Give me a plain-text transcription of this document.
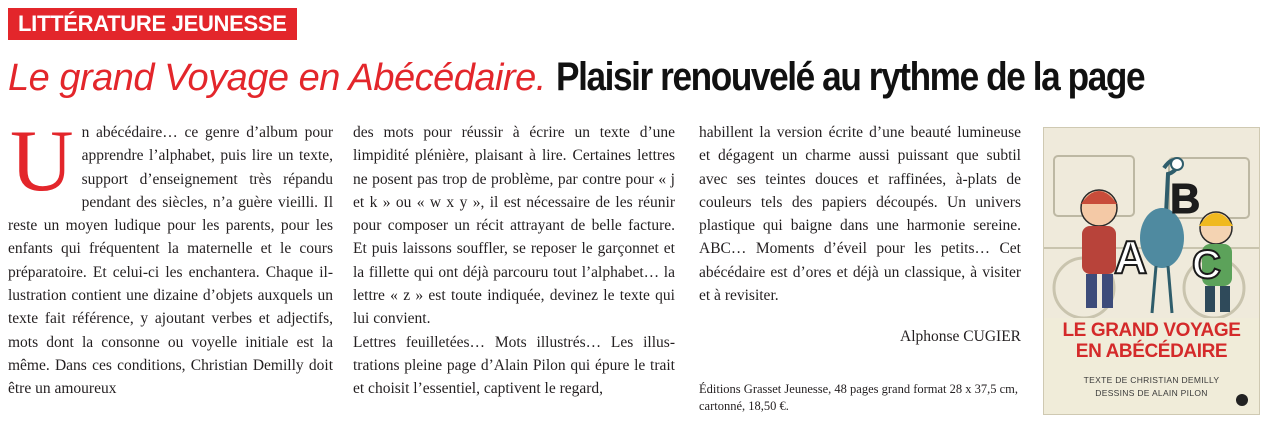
LITTÉRATURE JEUNESSE
Le grand Voyage en Abécédaire. Plaisir renouvelé au rythme de la page
U n abécédaire… ce genre d’album pour apprendre l’alphabet, puis lire un texte, support d’enseignement très répandu pendant des siècles, n’a guère vieilli. Il reste un moyen ludique pour les parents, pour les enfants qui fréquentent la maternelle et le cours préparatoire. Et celui-ci les enchantera. Chaque illustration contient une dizaine d’objets auxquels un texte fait référence, y ajoutant verbes et adjectifs, mots dont la consonne ou voyelle initiale est la même. Dans ces conditions, Christian Demilly doit être un amoureux

des mots pour réussir à écrire un texte d’une limpidité plénière, plaisant à lire. Certaines lettres ne posent pas trop de problème, par contre pour « j et k » ou « w x y », il est nécessaire de les réunir pour composer un récit attrayant de belle facture. Et puis laissons souffler, se reposer le garçonnet et la fillette qui ont déjà parcouru tout l’alphabet… la lettre « z » est toute indiquée, devinez le texte qui lui convient.

Lettres feuilletées… Mots illustrés… Les illustrations pleine page d’Alain Pilon qui épure le trait et choisit l’essentiel, captivent le regard,

habillent la version écrite d’une beauté lumineuse et dégagent un charme aussi puissant que subtil avec ses teintes douces et raffinées, à-plats de couleurs tels des papiers découpés. Un univers plastique qui baigne dans une harmonie sereine. ABC… Moments d’éveil pour les petits… Cet abécédaire est d’ores et déjà un classique, à visiter et à revisiter.

Alphonse CUGIER

Éditions Grasset Jeunesse, 48 pages grand format 28 x 37,5 cm, cartonné, 18,50 €.
A
B
C
LE GRAND VOYAGE
EN ABÉCÉDAIRE
TEXTE DE CHRISTIAN DEMILLY
DESSINS DE ALAIN PILON
